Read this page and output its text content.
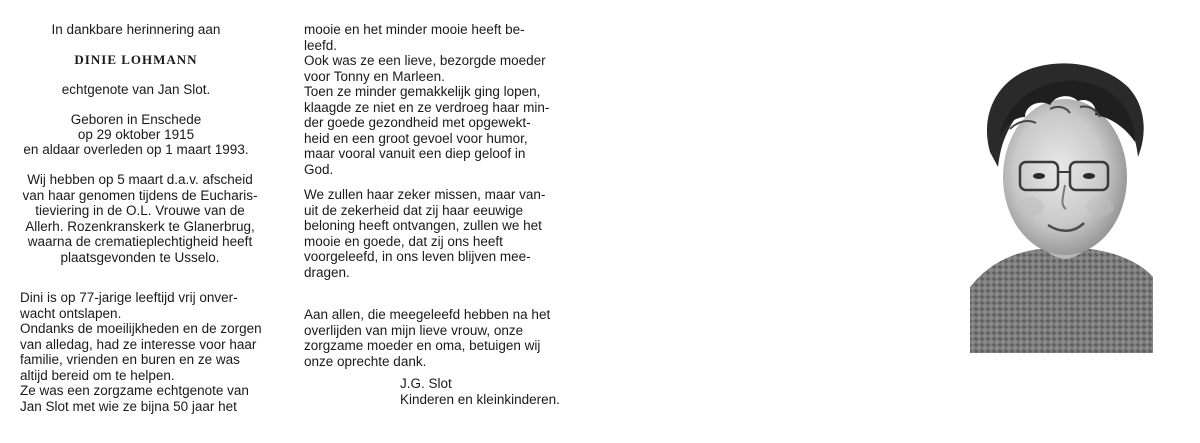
In dankbare herinnering aan
DINIE LOHMANN
echtgenote van Jan Slot.
Geboren in Enschede
op 29 oktober 1915
en aldaar overleden op 1 maart 1993.
Wij hebben op 5 maart d.a.v. afscheid
van haar genomen tijdens de Eucharis-
tieviering in de O.L. Vrouwe van de
Allerh. Rozenkranskerk te Glanerbrug,
waarna de crematieplechtigheid heeft
plaatsgevonden te Usselo.
Dini is op 77-jarige leeftijd vrij onver-
wacht ontslapen.
Ondanks de moeilijkheden en de zorgen
van alledag, had ze interesse voor haar
familie, vrienden en buren en ze was
altijd bereid om te helpen.
Ze was een zorgzame echtgenote van
Jan Slot met wie ze bijna 50 jaar het
mooie en het minder mooie heeft be-
leefd.
Ook was ze een lieve, bezorgde moeder
voor Tonny en Marleen.
Toen ze minder gemakkelijk ging lopen,
klaagde ze niet en ze verdroeg haar min-
der goede gezondheid met opgewekt-
heid en een groot gevoel voor humor,
maar vooral vanuit een diep geloof in
God.
We zullen haar zeker missen, maar van-
uit de zekerheid dat zij haar eeuwige
beloning heeft ontvangen, zullen we het
mooie en goede, dat zij ons heeft
voorgeleefd, in ons leven blijven mee-
dragen.
Aan allen, die meegeleefd hebben na het
overlijden van mijn lieve vrouw, onze
zorgzame moeder en oma, betuigen wij
onze oprechte dank.
J.G. Slot
Kinderen en kleinkinderen.
